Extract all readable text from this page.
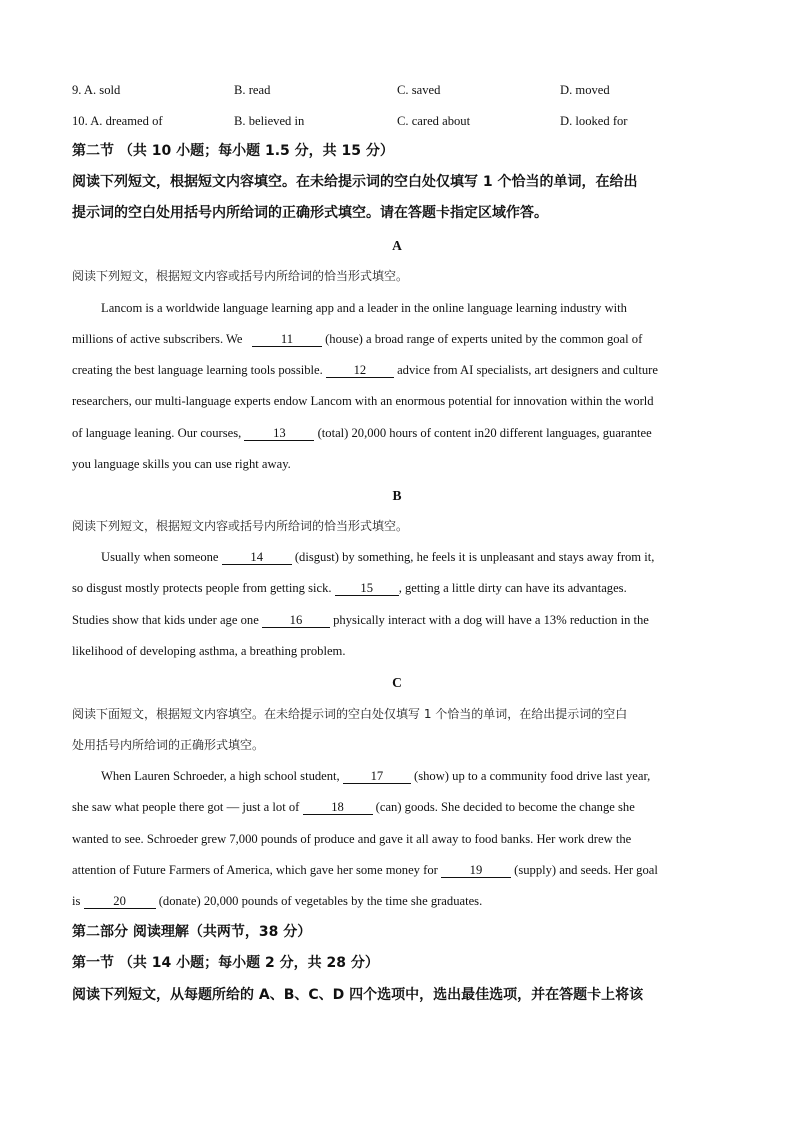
9. A. sold	B. read	C. saved	D. moved
10. A. dreamed of	B. believed in	C. cared about	D. looked for
第二节 （共 10 小题；每小题 1.5 分，共 15 分）
阅读下列短文，根据短文内容填空。在未给提示词的空白处仅填写 1 个恰当的单词，在给出
提示词的空白处用括号内所给词的正确形式填空。请在答题卡指定区域作答。
A
阅读下列短文，根据短文内容或括号内所给词的恰当形式填空。
Lancom is a worldwide language learning app and a leader in the online language learning industry with
millions of active subscribers. We	11	(house) a broad range of experts united by the common goal of
creating the best language learning tools possible. 12 advice from AI specialists, art designers and culture
researchers, our multi-language experts endow Lancom with an enormous potential for innovation within the world
of language leaning. Our courses,	13	(total) 20,000 hours of content in20 different languages, guarantee
you language skills you can use right away.
B
阅读下列短文，根据短文内容或括号内所给词的恰当形式填空。
Usually when someone	14	(disgust) by something, he feels it is unpleasant and stays away from it,
so disgust mostly protects people from getting sick. 15 , getting a little dirty can have its advantages.
Studies show that kids under age one 16 physically interact with a dog will have a 13% reduction in the
likelihood of developing asthma, a breathing problem.
C
阅读下面短文，根据短文内容填空。在未给提示词的空白处仅填写 1 个恰当的单词，在给出提示词的空白
处用括号内所给词的正确形式填空。
When Lauren Schroeder, a high school student, 17 (show) up to a community food drive last year,
she saw what people there got — just a lot of	18	(can) goods. She decided to become the change she
wanted to see. Schroeder grew 7,000 pounds of produce and gave it all away to food banks. Her work drew the
attention of Future Farmers of America, which gave her some money for	19	(supply) and seeds. Her goal
is	20	(donate) 20,000 pounds of vegetables by the time she graduates.
第二部分 阅读理解（共两节，38 分）
第一节 （共 14 小题；每小题 2 分，共 28 分）
阅读下列短文，从每题所给的 A、B、C、D 四个选项中，选出最佳选项，并在答题卡上将该
